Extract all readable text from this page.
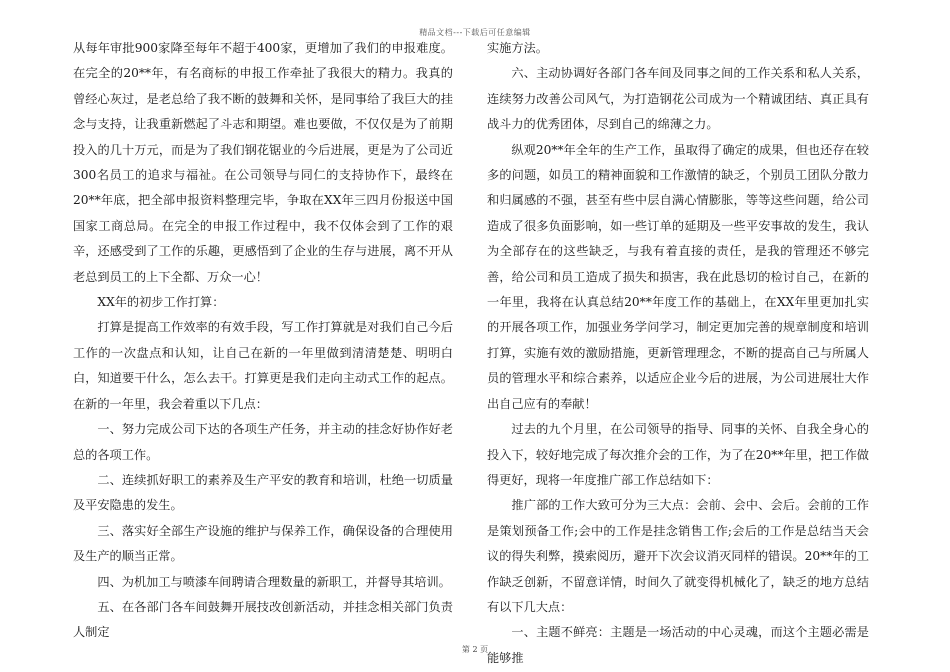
精品文档---下载后可任意编辑

从每年审批900家降至每年不超于400家，更增加了我们的申报难度。在完全的20**年，有名商标的申报工作牵扯了我很大的精力。我真的曾经心灰过，是老总给了我不断的鼓舞和关怀，是同事给了我巨大的挂念与支持，让我重新燃起了斗志和期望。难也要做，不仅仅是为了前期投入的几十万元，而是为了我们钢花锯业的今后进展，更是为了公司近300名员工的追求与福祉。在公司领导与同仁的支持协作下，最终在20**年底，把全部申报资料整理完毕，争取在XX年三四月份报送中国国家工商总局。在完全的申报工作过程中，我不仅体会到了工作的艰辛，还感受到了工作的乐趣，更感悟到了企业的生存与进展，离不开从老总到员工的上下全都、万众一心！

XX年的初步工作打算：

打算是提高工作效率的有效手段，写工作打算就是对我们自己今后工作的一次盘点和认知，让自己在新的一年里做到清清楚楚、明明白白，知道要干什么，怎么去干。打算更是我们走向主动式工作的起点。在新的一年里，我会着重以下几点：

一、努力完成公司下达的各项生产任务，并主动的挂念好协作好老总的各项工作。

二、连续抓好职工的素养及生产平安的教育和培训，杜绝一切质量及平安隐患的发生。

三、落实好全部生产设施的维护与保养工作，确保设备的合理使用及生产的顺当正常。

四、为机加工与喷漆车间聘请合理数量的新职工，并督导其培训。

五、在各部门各车间鼓舞开展技改创新活动，并挂念相关部门负责人制定

实施方法。

六、主动协调好各部门各车间及同事之间的工作关系和私人关系，连续努力改善公司风气，为打造钢花公司成为一个精诚团结、真正具有战斗力的优秀团体，尽到自己的绵薄之力。

纵观20**年全年的生产工作，虽取得了确定的成果，但也还存在较多的问题，如员工的精神面貌和工作激情的缺乏，个别员工团队分散力和归属感的不强，甚至有些中层自满心情膨胀，等等这些问题，给公司造成了很多负面影响，如一些订单的延期及一些平安事故的发生，我认为全部存在的这些缺乏，与我有着直接的责任，是我的管理还不够完善，给公司和员工造成了损失和损害，我在此恳切的检讨自己，在新的一年里，我将在认真总结20**年度工作的基础上，在XX年里更加扎实的开展各项工作，加强业务学问学习，制定更加完善的规章制度和培训打算，实施有效的激励措施，更新管理理念，不断的提高自己与所属人员的管理水平和综合素养，以适应企业今后的进展，为公司进展壮大作出自己应有的奉献！

过去的九个月里，在公司领导的指导、同事的关怀、自我全身心的投入下，较好地完成了每次推介会的工作，为了在20**年里，把工作做得更好，现将一年度推广部工作总结如下：

推广部的工作大致可分为三大点：会前、会中、会后。会前的工作是策划预备工作;会中的工作是挂念销售工作;会后的工作是总结当天会议的得失利弊，摸索阅历，避开下次会议消灭同样的错误。20**年的工作缺乏创新，不留意详情，时间久了就变得机械化了，缺乏的地方总结有以下几大点：

一、主题不鲜亮：主题是一场活动的中心灵魂，而这个主题必需是能够推

第 2 页
